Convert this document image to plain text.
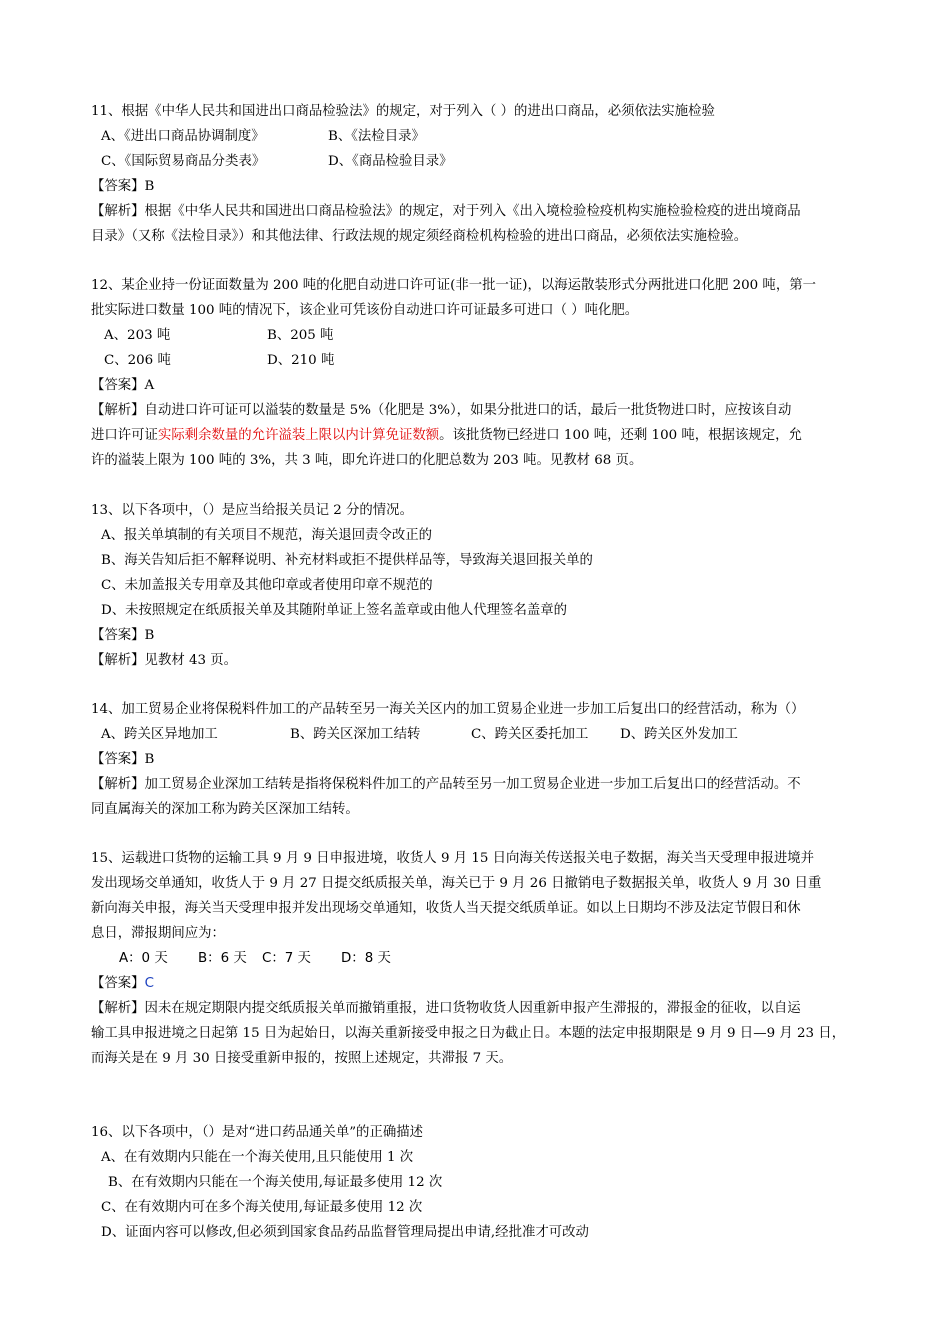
11、根据《中华人民共和国进出口商品检验法》的规定，对于列入（ ）的进出口商品，必须依法实施检验
A、《进出口商品协调制度》	B、《法检目录》
C、《国际贸易商品分类表》	D、《商品检验目录》
【答案】B
【解析】根据《中华人民共和国进出口商品检验法》的规定，对于列入《出入境检验检疫机构实施检验检疫的进出境商品
目录》（又称《法检目录》）和其他法律、行政法规的规定须经商检机构检验的进出口商品，必须依法实施检验。
12、某企业持一份证面数量为 200 吨的化肥自动进口许可证(非一批一证)，以海运散装形式分两批进口化肥 200 吨，第一
批实际进口数量 100 吨的情况下，该企业可凭该份自动进口许可证最多可进口（ ）吨化肥。
A、203 吨	B、205 吨
C、206 吨	D、210 吨
【答案】A
【解析】自动进口许可证可以溢装的数量是 5%（化肥是 3%），如果分批进口的话，最后一批货物进口时，应按该自动
进口许可证实际剩余数量的允许溢装上限以内计算免证数额。该批货物已经进口 100 吨，还剩 100 吨，根据该规定，允
许的溢装上限为 100 吨的 3%，共 3 吨，即允许进口的化肥总数为 203 吨。见教材 68 页。
13、以下各项中，（）是应当给报关员记 2 分的情况。
A、报关单填制的有关项目不规范，海关退回责令改正的
B、海关告知后拒不解释说明、补充材料或拒不提供样品等，导致海关退回报关单的
C、未加盖报关专用章及其他印章或者使用印章不规范的
D、未按照规定在纸质报关单及其随附单证上签名盖章或由他人代理签名盖章的
【答案】B
【解析】见教材 43 页。
14、加工贸易企业将保税料件加工的产品转至另一海关关区内的加工贸易企业进一步加工后复出口的经营活动，称为（）
A、跨关区异地加工	B、跨关区深加工结转	C、跨关区委托加工 D、跨关区外发加工
【答案】B
【解析】加工贸易企业深加工结转是指将保税料件加工的产品转至另一加工贸易企业进一步加工后复出口的经营活动。不
同直属海关的深加工称为跨关区深加工结转。
15、运载进口货物的运输工具 9 月 9 日申报进境，收货人 9 月 15 日向海关传送报关电子数据，海关当天受理申报进境并
发出现场交单通知，收货人于 9 月 27 日提交纸质报关单，海关已于 9 月 26 日撤销电子数据报关单，收货人 9 月 30 日重
新向海关申报，海关当天受理申报并发出现场交单通知，收货人当天提交纸质单证。如以上日期均不涉及法定节假日和休
息日，滞报期间应为：
A：0 天 B：6 天 C：7 天 D：8 天
【答案】C
【解析】因未在规定期限内提交纸质报关单而撤销重报，进口货物收货人因重新申报产生滞报的，滞报金的征收，以自运
输工具申报进境之日起第 15 日为起始日，以海关重新接受申报之日为截止日。本题的法定申报期限是 9 月 9 日—9 月 23 日，
而海关是在 9 月 30 日接受重新申报的，按照上述规定，共滞报 7 天。
16、以下各项中，（）是对“进口药品通关单”的正确描述
A、在有效期内只能在一个海关使用,且只能使用 1 次
B、在有效期内只能在一个海关使用,每证最多使用 12 次
C、在有效期内可在多个海关使用,每证最多使用 12 次
D、证面内容可以修改,但必须到国家食品药品监督管理局提出申请,经批准才可改动
